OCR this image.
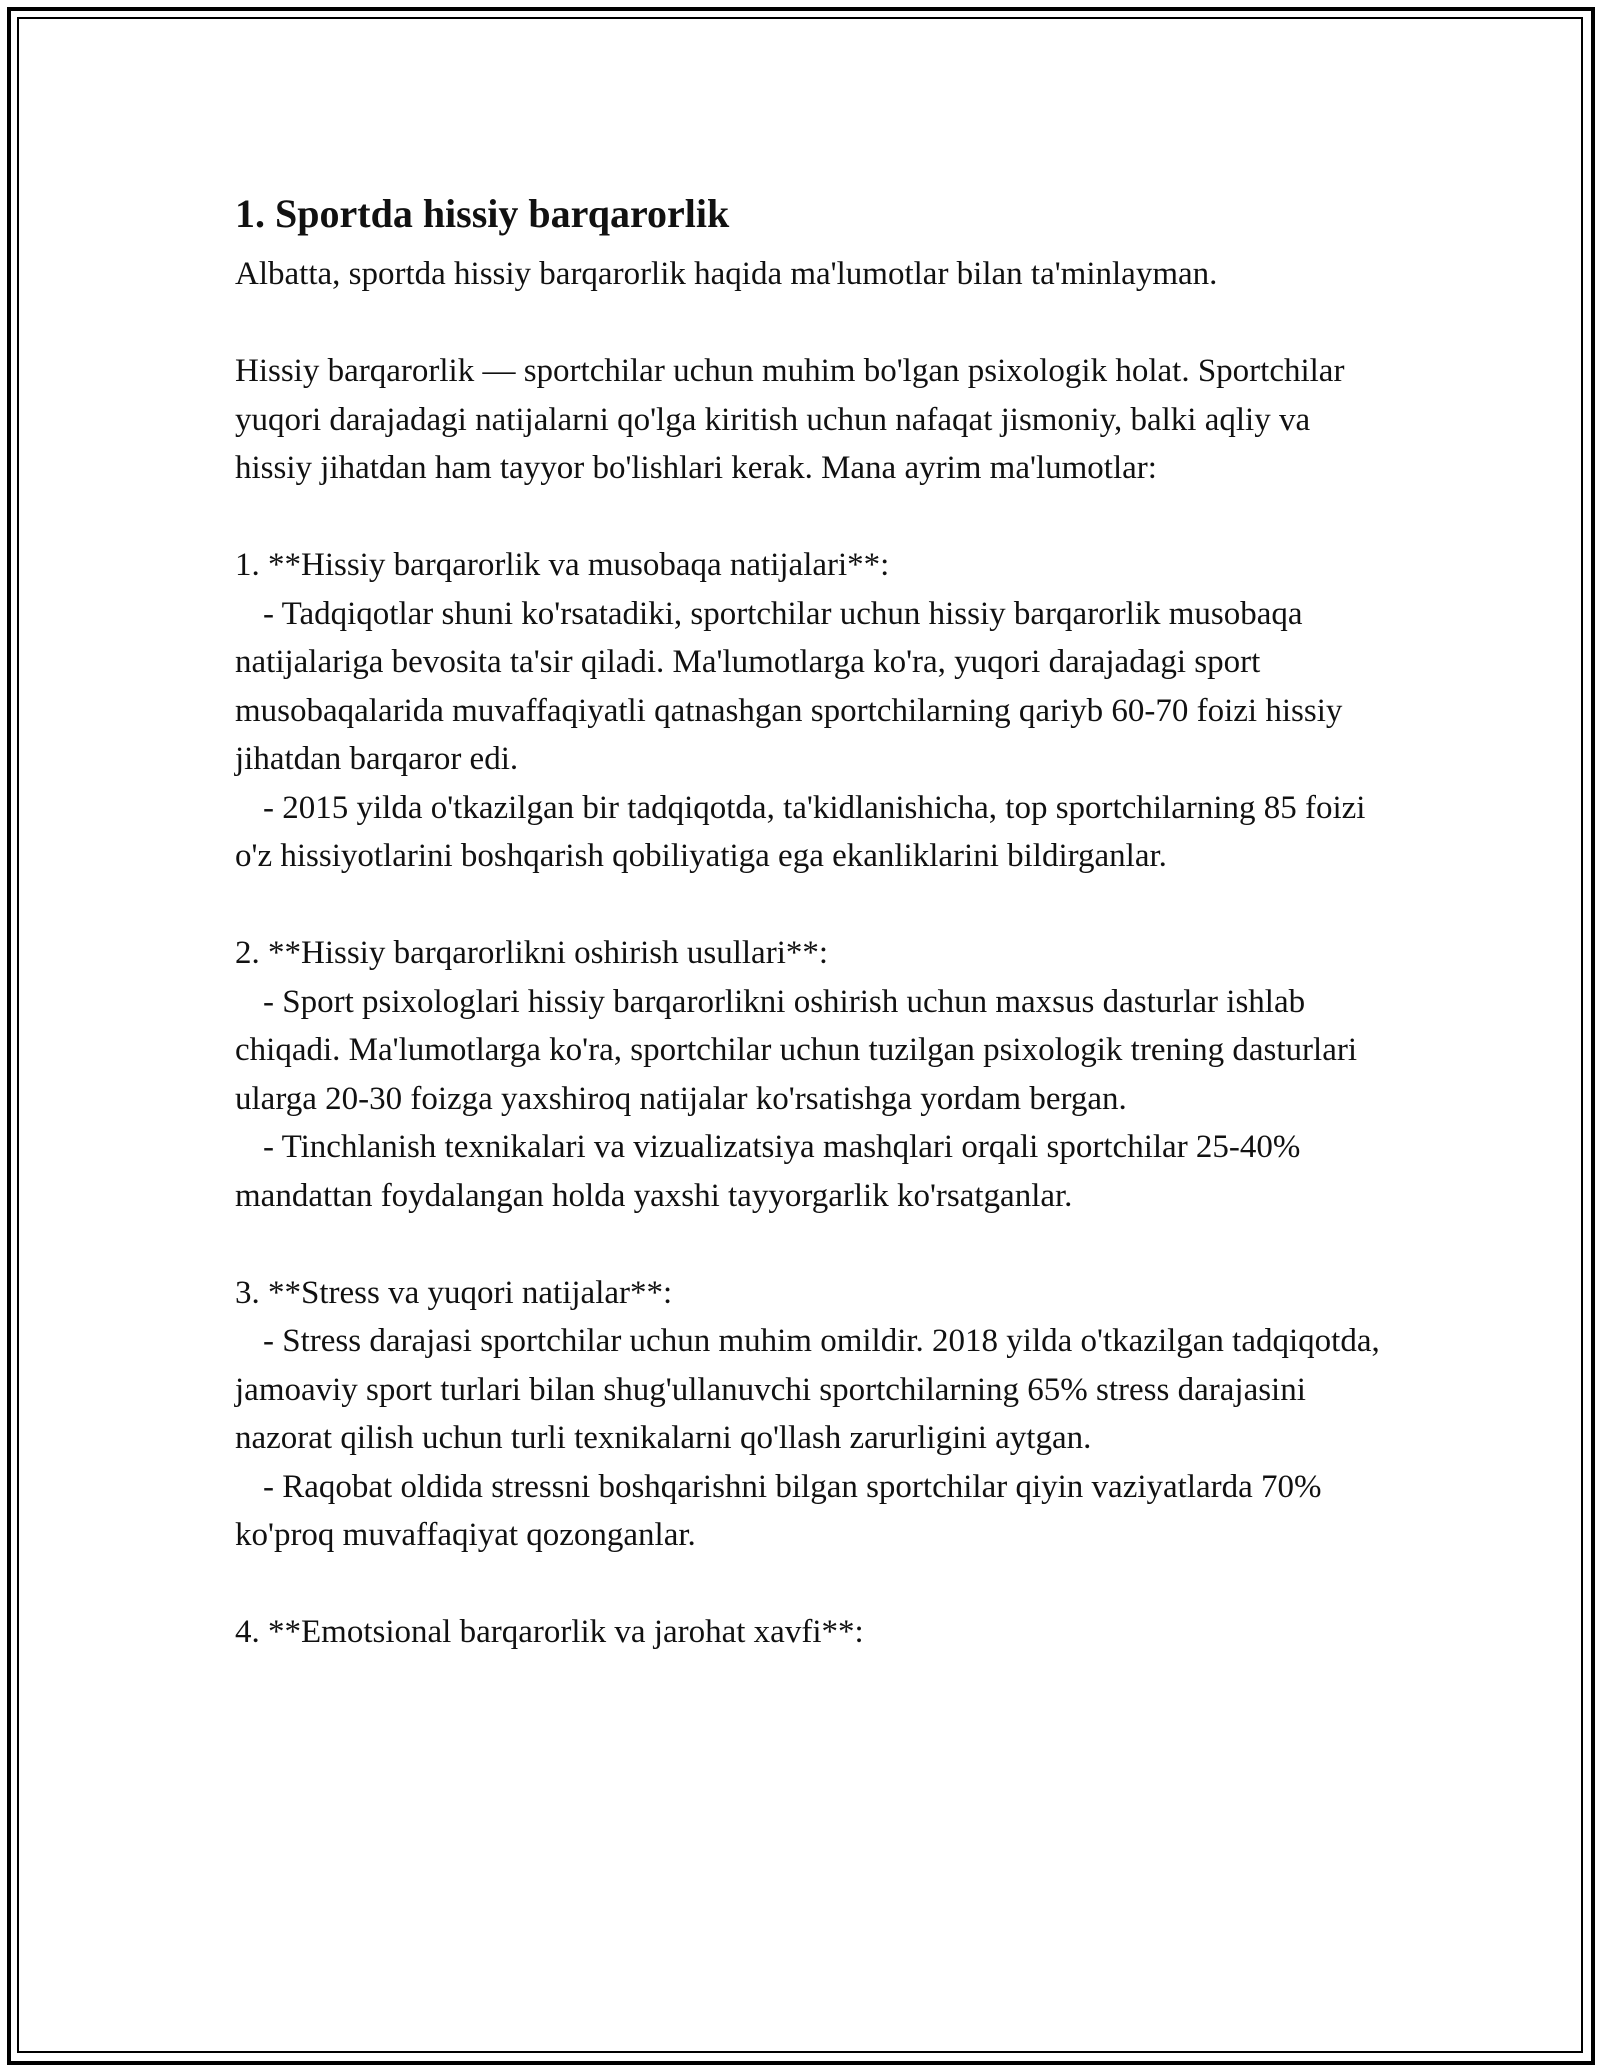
1. Sportda hissiy barqarorlik

Albatta, sportda hissiy barqarorlik haqida ma'lumotlar bilan ta'minlayman.

Hissiy barqarorlik — sportchilar uchun muhim bo'lgan psixologik holat. Sportchilar yuqori darajadagi natijalarni qo'lga kiritish uchun nafaqat jismoniy, balki aqliy va hissiy jihatdan ham tayyor bo'lishlari kerak. Mana ayrim ma'lumotlar:

1. **Hissiy barqarorlik va musobaqa natijalari**:

- Tadqiqotlar shuni ko'rsatadiki, sportchilar uchun hissiy barqarorlik musobaqa natijalariga bevosita ta'sir qiladi. Ma'lumotlarga ko'ra, yuqori darajadagi sport musobaqalarida muvaffaqiyatli qatnashgan sportchilarning qariyb 60-70 foizi hissiy jihatdan barqaror edi.

- 2015 yilda o'tkazilgan bir tadqiqotda, ta'kidlanishicha, top sportchilarning 85 foizi o'z hissiyotlarini boshqarish qobiliyatiga ega ekanliklarini bildirganlar.

2. **Hissiy barqarorlikni oshirish usullari**:

- Sport psixologlari hissiy barqarorlikni oshirish uchun maxsus dasturlar ishlab chiqadi. Ma'lumotlarga ko'ra, sportchilar uchun tuzilgan psixologik trening dasturlari ularga 20-30 foizga yaxshiroq natijalar ko'rsatishga yordam bergan.

- Tinchlanish texnikalari va vizualizatsiya mashqlari orqali sportchilar 25-40% mandattan foydalangan holda yaxshi tayyorgarlik ko'rsatganlar.

3. **Stress va yuqori natijalar**:

- Stress darajasi sportchilar uchun muhim omildir. 2018 yilda o'tkazilgan tadqiqotda, jamoaviy sport turlari bilan shug'ullanuvchi sportchilarning 65% stress darajasini nazorat qilish uchun turli texnikalarni qo'llash zarurligini aytgan.

- Raqobat oldida stressni boshqarishni bilgan sportchilar qiyin vaziyatlarda 70% ko'proq muvaffaqiyat qozonganlar.

4. **Emotsional barqarorlik va jarohat xavfi**:
